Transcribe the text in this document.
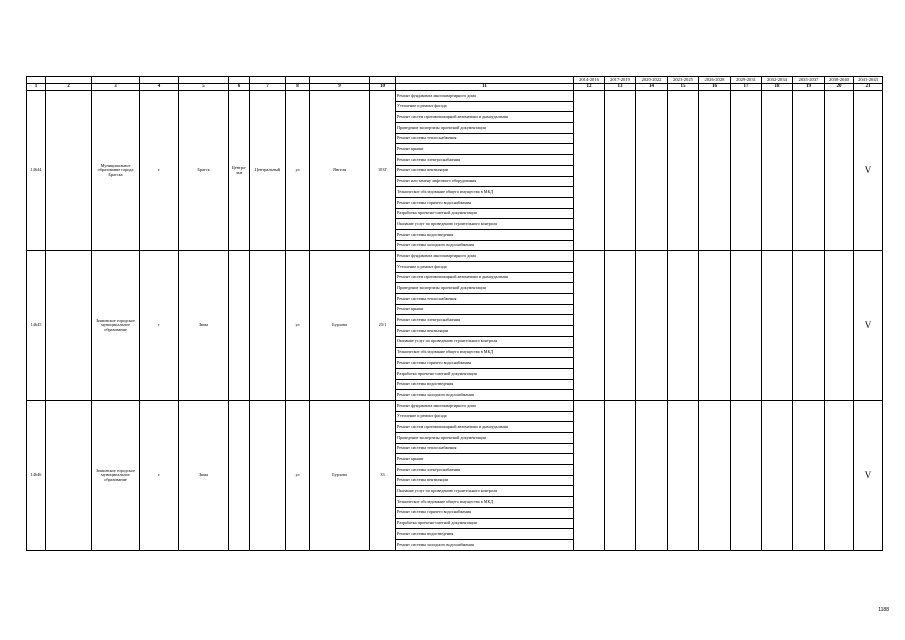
											2014-2016	2017-2019	2020-2022	2023-2025	2026-2028	2029-2031	2032-2034	2035-2037	2038-2040	2041-2043
1	2	3	4	5	6	7	8	9	10	11	12	13	14	15	16	17	18	19	20	21
14644		Муниципальное образование города Братска	г.	Братск	Центра-льн	Центральный	ул	Янгеля	103Г	Ремонт фундамента многоквартирного дома										V
										Утепление и ремонт фасада										
										Ремонт систем противопожарной автоматики и дымоудаления										
										Проведение экспертизы проектной документации										
										Ремонт системы теплоснабжения										
										Ремонт крыши										
										Ремонт системы электроснабжения										
										Ремонт системы вентиляции										
										Ремонт или замену лифтового оборудования										
										Техническое обследование общего имущества в МКД										
										Ремонт системы горячего водоснабжения										
										Разработка проектно-сметной документации										
										Оказание услуг по проведению строительного контроля										
										Ремонт системы водоотведения										
										Ремонт системы холодного водоснабжения										
14645		Зиминское городское муниципальное образование	г	Зима			ул	Бурлова	25/1	Ремонт фундамента многоквартирного дома										V
										Утепление и ремонт фасада										
										Ремонт систем противопожарной автоматики и дымоудаления										
										Проведение экспертизы проектной документации										
										Ремонт системы теплоснабжения										
										Ремонт крыши										
										Ремонт системы электроснабжения										
										Ремонт системы вентиляции										
										Оказание услуг по проведению строительного контроля										
										Техническое обследование общего имущества в МКД										
										Ремонт системы горячего водоснабжения										
										Разработка проектно-сметной документации										
										Ремонт системы водоотведения										
										Ремонт системы холодного водоснабжения										
14646		Зиминское городское муниципальное образование	г.	Зима			ул	Бурлова	33	Ремонт фундамента многоквартирного дома										V
										Утепление и ремонт фасада										
										Ремонт систем противопожарной автоматики и дымоудаления										
										Проведение экспертизы проектной документации										
										Ремонт системы теплоснабжения										
										Ремонт крыши										
										Ремонт системы электроснабжения										
										Ремонт системы вентиляции										
										Оказание услуг по проведению строительного контроля										
										Техническое обследование общего имущества в МКД										
										Ремонт системы горячего водоснабжения										
										Разработка проектно-сметной документации										
										Ремонт системы водоотведения										
										Ремонт системы холодного водоснабжения										
1188
